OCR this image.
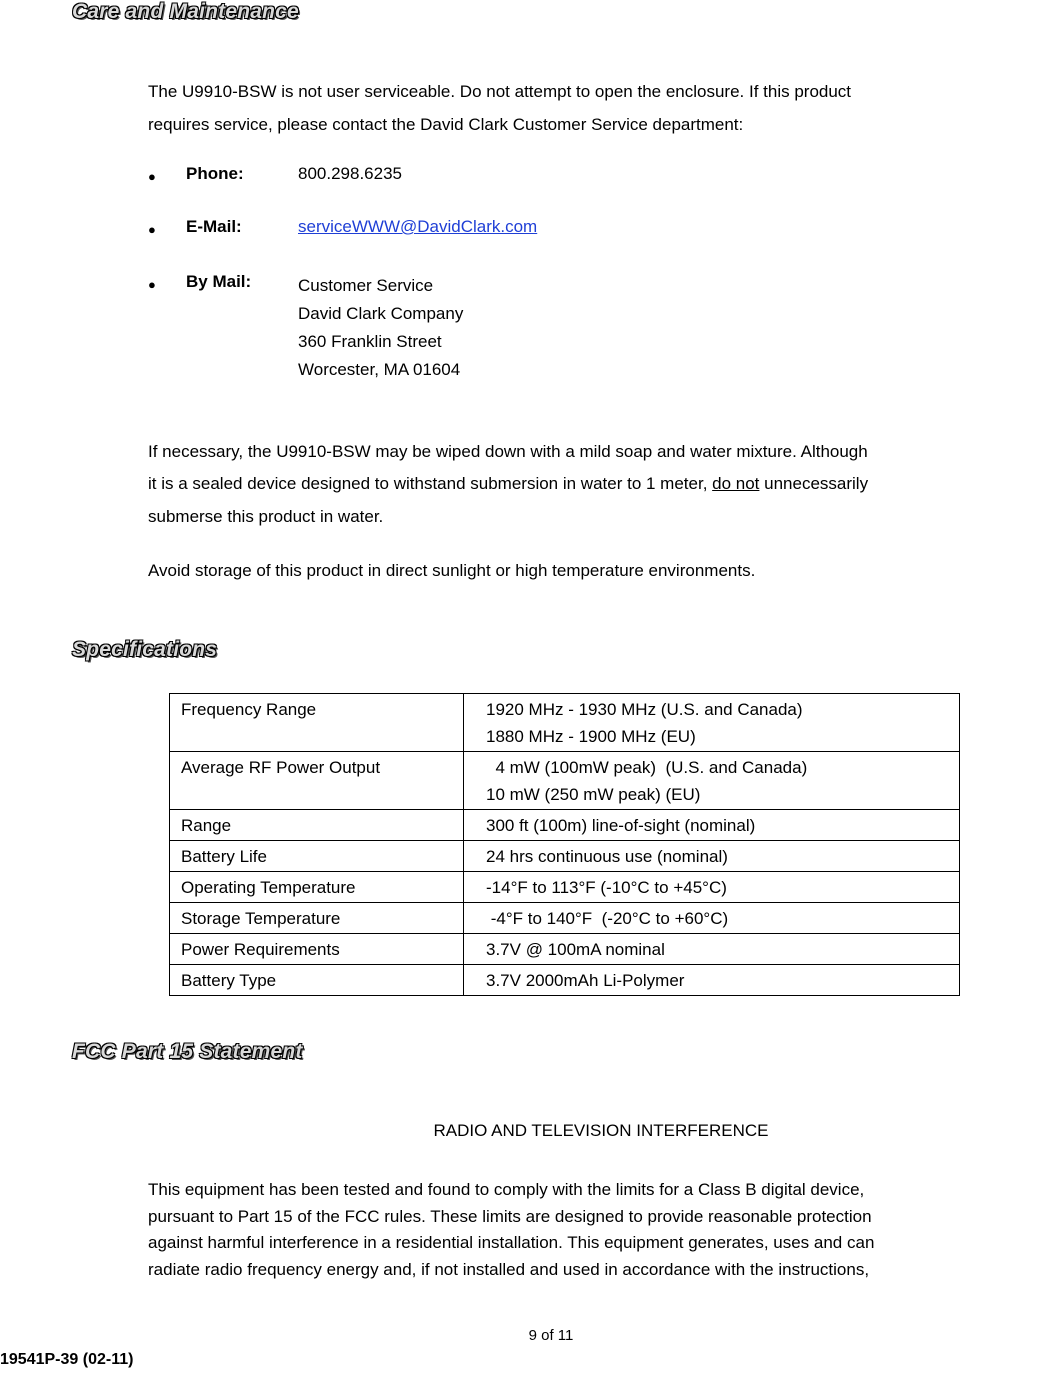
Care and Maintenance
The U9910-BSW is not user serviceable. Do not attempt to open the enclosure. If this product
requires service, please contact the David Clark Customer Service department:
● Phone:	800.298.6235
● E-Mail:	serviceWWW@DavidClark.com
● By Mail:	Customer Service
David Clark Company
360 Franklin Street
Worcester, MA 01604
If necessary, the U9910-BSW may be wiped down with a mild soap and water mixture. Although
it is a sealed device designed to withstand submersion in water to 1 meter, do not unnecessarily
submerse this product in water.
Avoid storage of this product in direct sunlight or high temperature environments.
Specifications
Frequency Range	1920 MHz - 1930 MHz (U.S. and Canada)
1880 MHz - 1900 MHz (EU)

Average RF Power Output	4 mW (100mW peak)  (U.S. and Canada)
10 mW (250 mW peak) (EU)

Range	300 ft (100m) line-of-sight (nominal)
Battery Life	24 hrs continuous use (nominal)
Operating Temperature	-14°F to 113°F (-10°C to +45°C)
Storage Temperature	-4°F to 140°F  (-20°C to +60°C)
Power Requirements	3.7V @ 100mA nominal
Battery Type	3.7V 2000mAh Li-Polymer
FCC Part 15 Statement
RADIO AND TELEVISION INTERFERENCE
This equipment has been tested and found to comply with the limits for a Class B digital device,
pursuant to Part 15 of the FCC rules. These limits are designed to provide reasonable protection
against harmful interference in a residential installation. This equipment generates, uses and can
radiate radio frequency energy and, if not installed and used in accordance with the instructions,
9 of 11
19541P-39 (02-11)
